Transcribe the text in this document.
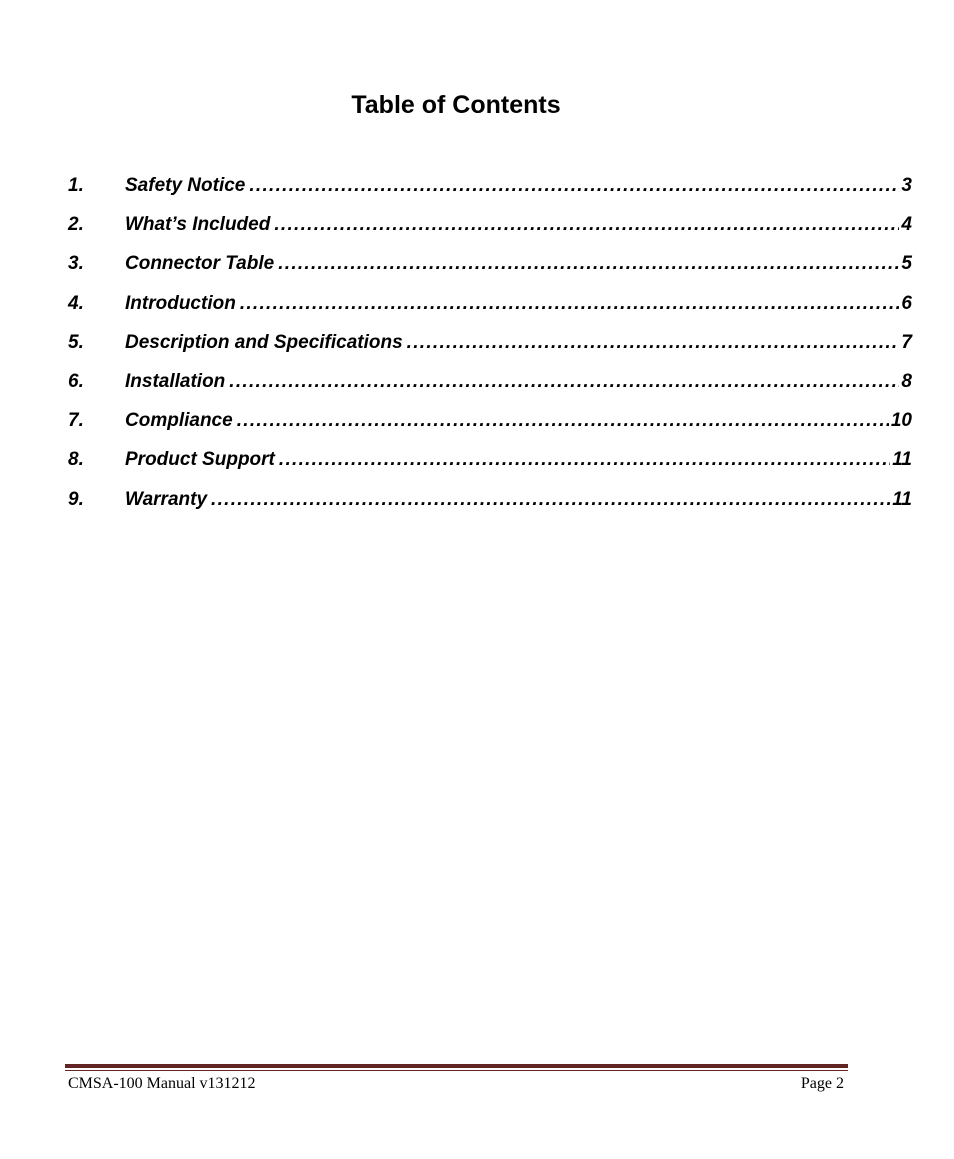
Table of Contents
1.	Safety Notice . . .	3
2.	What’s Included . . .	4
3.	Connector Table . . .	5
4.	Introduction . . .	6
5.	Description and Specifications . . .	7
6.	Installation . . .	8
7.	Compliance . . .	10
8.	Product Support . . .	11
9.	Warranty . . .	11
CMSA-100 Manual v131212	Page 2
